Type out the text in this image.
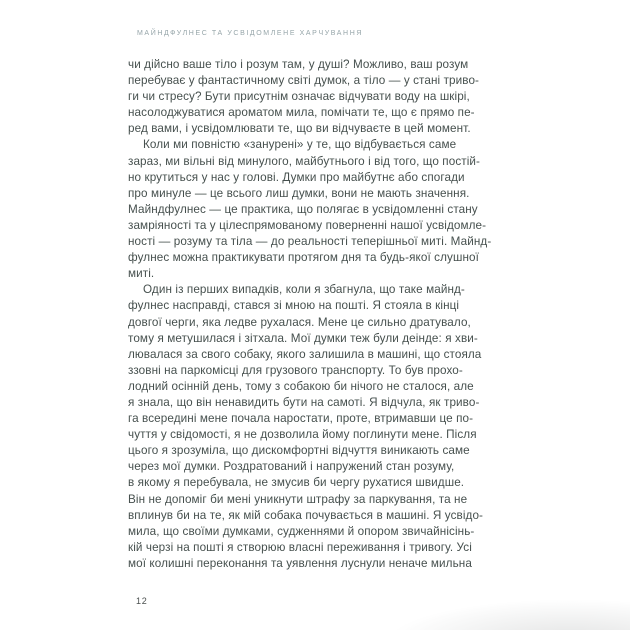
МАЙНДФУЛНЕС ТА УСВІДОМЛЕНЕ ХАРЧУВАННЯ
чи дійсно ваше тіло і розум там, у душі? Можливо, ваш розум
перебуває у фантастичному світі думок, а тіло — у стані триво-
ги чи стресу? Бути присутнім означає відчувати воду на шкірі,
насолоджуватися ароматом мила, помічати те, що є прямо пе-
ред вами, і усвідомлювати те, що ви відчуваєте в цей момент.
Коли ми повністю «занурені» у те, що відбувається саме
зараз, ми вільні від минулого, майбутнього і від того, що постій-
но крутиться у нас у голові. Думки про майбутнє або спогади
про минуле — це всього лиш думки, вони не мають значення.
Майндфулнес — це практика, що полягає в усвідомленні стану
замріяності та у цілеспрямованому поверненні нашої усвідомле-
ності — розуму та тіла — до реальності теперішньої миті. Майнд-
фулнес можна практикувати протягом дня та будь-якої слушної
миті.
Один із перших випадків, коли я збагнула, що таке майнд-
фулнес насправді, стався зі мною на пошті. Я стояла в кінці
довгої черги, яка ледве рухалася. Мене це сильно дратувало,
тому я метушилася і зітхала. Мої думки теж були деінде: я хви-
лювалася за свого собаку, якого залишила в машині, що стояла
ззовні на паркомісці для грузового транспорту. То був прохо-
лодний осінній день, тому з собакою би нічого не сталося, але
я знала, що він ненавидить бути на самоті. Я відчула, як триво-
га всередині мене почала наростати, проте, втримавши це по-
чуття у свідомості, я не дозволила йому поглинути мене. Після
цього я зрозуміла, що дискомфортні відчуття виникають саме
через мої думки. Роздратований і напружений стан розуму,
в якому я перебувала, не змусив би чергу рухатися швидше.
Він не допоміг би мені уникнути штрафу за паркування, та не
вплинув би на те, як мій собака почувається в машині. Я усвідо-
мила, що своїми думками, судженнями й опором звичайнісінь-
кій черзі на пошті я створюю власні переживання і тривогу. Усі
мої колишні переконання та уявлення луснули неначе мильна
12
